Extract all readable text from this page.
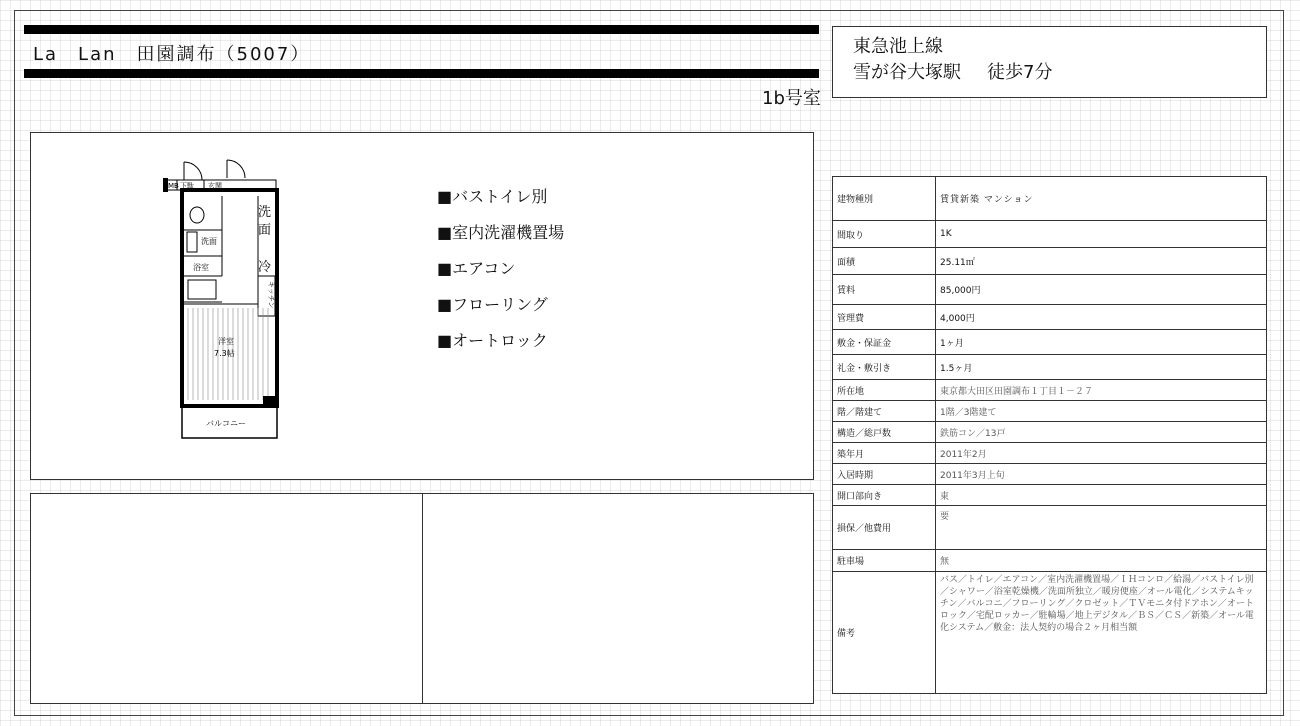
La　Lan　田園調布（5007）
1b号室
東急池上線
雪が谷大塚駅 徒歩7分
MB 下駄 玄関
洗
面
洗面
浴室	冷
キッチン
洋室
7.3帖
バルコニー
■バストイレ別
■室内洗濯機置場
■エアコン
■フローリング
■オートロック
建物種別	賃貸新築 マンション
間取り	1K
面積	25.11㎡
賃料	85,000円
管理費	4,000円
敷金・保証金	1ヶ月
礼金・敷引き	1.5ヶ月
所在地	東京都大田区田園調布１丁目１－２７
階／階建て	1階／3階建て
構造／総戸数	鉄筋コン／13戸
築年月	2011年2月
入居時期	2011年3月上旬
開口部向き	東
損保／他費用	要
駐車場	無
備考	バス／トイレ／エアコン／室内洗濯機置場／ＩＨコンロ／給湯／バストイレ別／シャワー／浴室乾燥機／洗面所独立／暖房便座／オール電化／システムキッチン／バルコニ／フローリング／クロゼット／ＴＶモニタ付ドアホン／オートロック／宅配ロッカー／駐輪場／地上デジタル／ＢＳ／ＣＳ／新築／オール電化システム／敷金：法人契約の場合２ヶ月相当額
